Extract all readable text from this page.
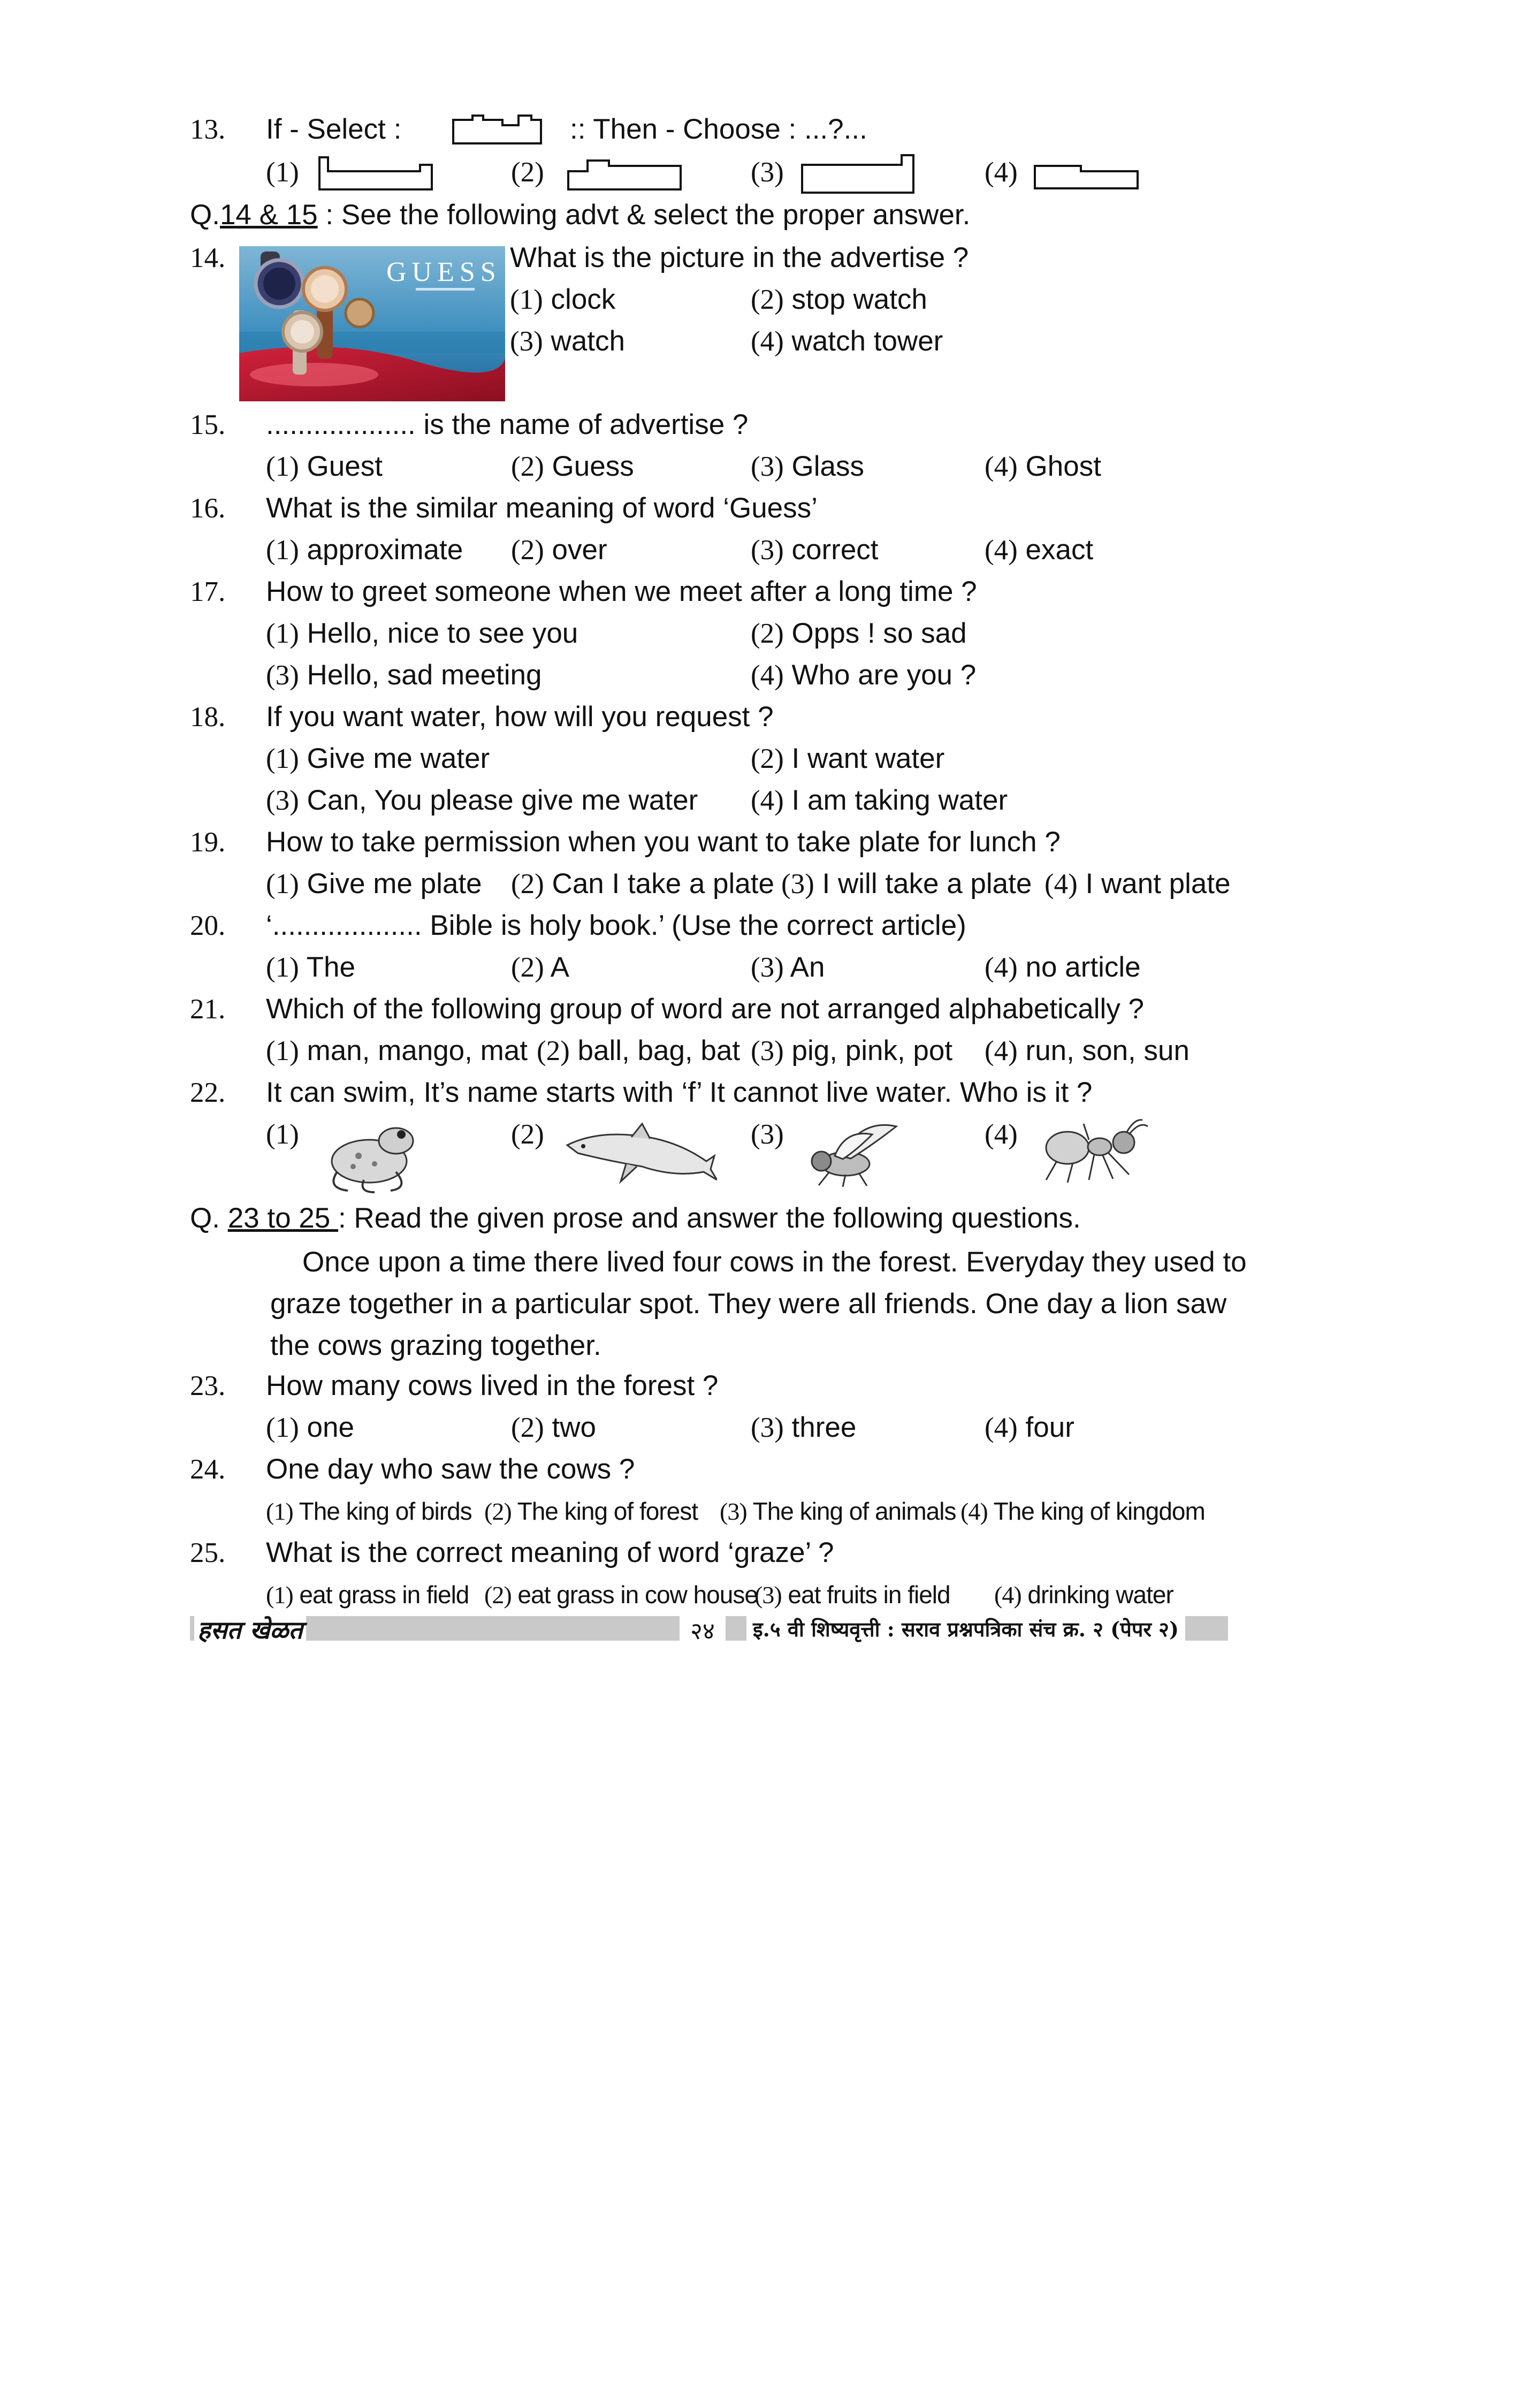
13. If - Select :	:: Then - Choose : ...?...
(1)	(2)	(3)	(4)
Q.14 & 15 : See the following advt & select the proper answer.
14.	GUESS What is the picture in the advertise ?
(1) clock	(2) stop watch
(3) watch	(4) watch tower
15. ................... is the name of advertise ?
(1) Guest	(2) Guess	(3) Glass	(4) Ghost
16. What is the similar meaning of word ‘Guess’
(1) approximate (2) over	(3) correct	(4) exact
17. How to greet someone when we meet after a long time ?
(1) Hello, nice to see you	(2) Opps ! so sad
(3) Hello, sad meeting	(4) Who are you ?
18. If you want water, how will you request ?
(1) Give me water	(2) I want water
(3) Can, You please give me water (4) I am taking water
19. How to take permission when you want to take plate for lunch ?
(1) Give me plate (2) Can I take a plate (3) I will take a plate (4) I want plate
20. ‘................... Bible is holy book.’ (Use the correct article)
(1) The	(2) A	(3) An	(4) no article
21. Which of the following group of word are not arranged alphabetically ?
(1) man, mango, mat (2) ball, bag, bat (3) pig, pink, pot (4) run, son, sun
22. It can swim, It’s name starts with ‘f’ It cannot live water. Who is it ?
(1)	(2)	(3)	(4)
Q. 23 to 25 : Read the given prose and answer the following questions.

Once upon a time there lived four cows in the forest. Everyday they used to graze together in a particular spot. They were all friends. One day a lion saw the cows grazing together.

23. How many cows lived in the forest ?
(1) one	(2) two	(3) three	(4) four
24. One day who saw the cows ?
(1) The king of birds (2) The king of forest (3) The king of animals (4) The king of kingdom
25. What is the correct meaning of word ‘graze’ ?
(1) eat grass in field (2) eat grass in cow house
(3) eat fruits in field (4) drinking water
हसत खेळत	२४	इ.५ वी शिष्यवृत्ती : सराव प्रश्नपत्रिका संच क्र. २ (पेपर २)
